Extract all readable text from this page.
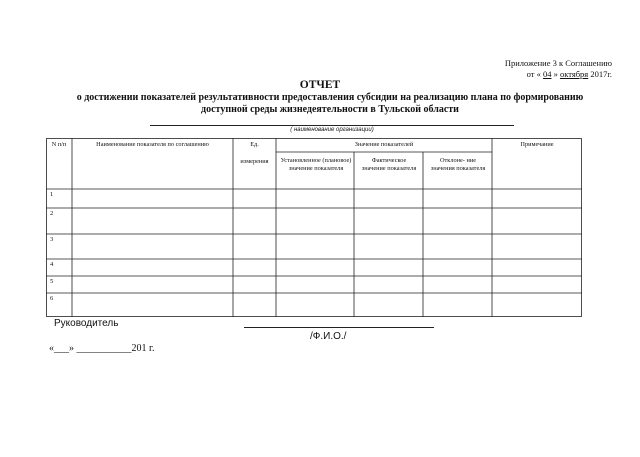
Приложение 3 к Соглашению
от « 04 » октября 2017г.
ОТЧЕТ
о достижении показателей результативности предоставления субсидии на реализацию плана по формированию
доступной среды жизнедеятельности в Тульской области
( наименование организации)
N п/п	Наименование показателя по соглашению	Ед.
измерения
Значение показателей
Установленное (плановое) значение показателя
Фактическое значение показателя
Отклоне- ние значения показателя
Примечание
1
2
3
4
5
6
Руководитель
/Ф.И.О./
«___» ___________201 г.
